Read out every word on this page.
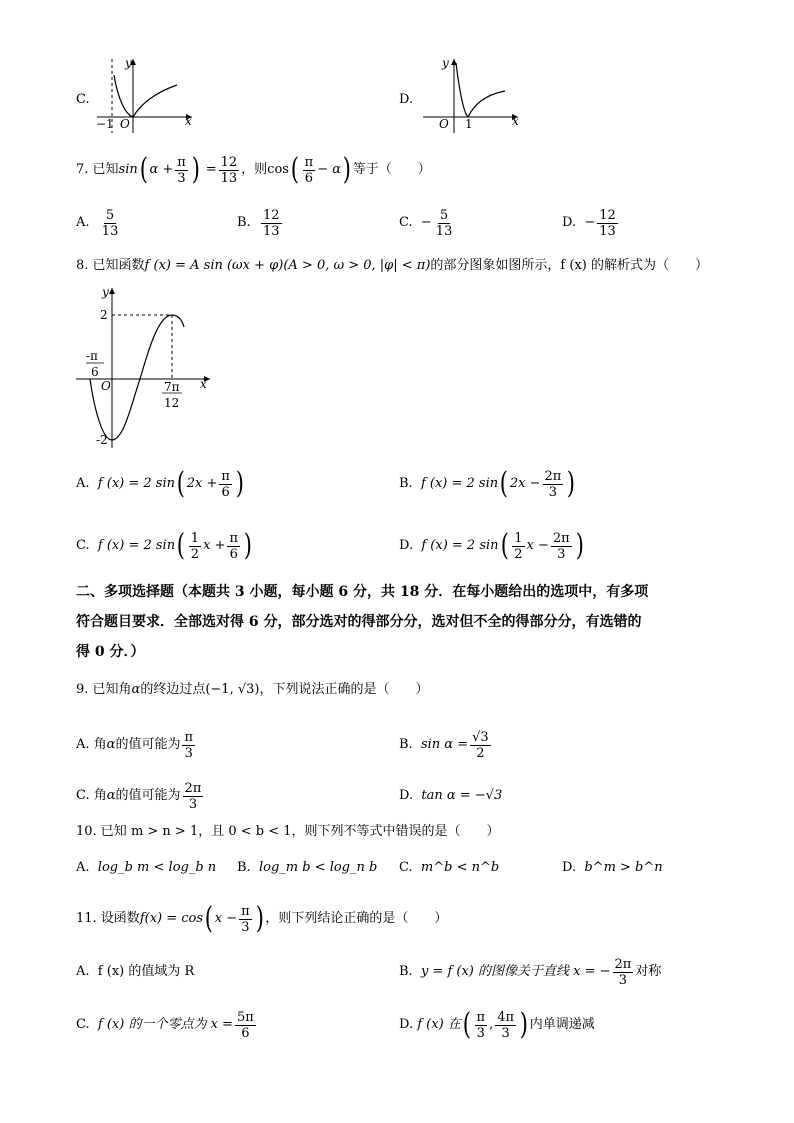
C.
y
x
O
−1
D.
y
x
O 1
7. 已知 sin ( α
+ $\frac{\pi}{3}$ )
= $\frac{12}{13}$ ，则 cos ( $\frac{\pi}{6}$ −
α ) 等于（　　）
A.
$\frac{5}{13}$	B.
$\frac{12}{13}$	C.
− $\frac{5}{13}$	D.
− $\frac{12}{13}$
8. 已知函数f (x) = A sin (ωx + φ)(A > 0, ω > 0, |φ| < π)的部分图象如图所示，f (x) 的解析式为（　　）
y
x
O
2
-2
-π
6
7π
12
A.
f (x) = 2 sin ( $2x + \frac{\pi}{6}$ )	B.
f (x) = 2 sin ( $2x - \frac{2\pi}{3}$ )
C.
f (x) = 2 sin ( $\frac{1}{2}$ $x + \frac{\pi}{6}$ )	D.
f (x) = 2 sin ( $\frac{1}{2}$ $x - \frac{2\pi}{3}$ )
二、多项选择题（本题共 3 小题，每小题 6 分，共 18 分．在每小题给出的选项中，有多项
符合题目要求．全部选对得 6 分，部分选对的得部分分，选对但不全的得部分分，有选错的
得 0 分．）
9. 已知角α的终边过点(−1, √3)，下列说法正确的是（　　）
A. 角 α 的值可能为 $\frac{\pi}{3}$	B.
$\sin \alpha = \frac{√3}{2}$
C. 角 α 的值可能为 $\frac{2\pi}{3}$	D. tan α = −√3
10. 已知 m > n > 1，且 0 < b < 1，则下列不等式中错误的是（　　）
A. log_b m < log_b n B. log_m b < log_n b C. m^b < n^b	D. b^m > b^n
11. 设函数 f(x) = cos ( $x - \frac{\pi}{3}$ ) ，则下列结论正确的是（　　）
A. f (x) 的值域为 R	B.
y = f (x) 的图像关于直线 x = − $\frac{2\pi}{3}$ 对称
C.
f (x) 的一个零点为 $x = \frac{5\pi}{6}$	D.
f (x) 在 ( $\frac{\pi}{3}$ , $\frac{4\pi}{3}$ ) 内单调递减
